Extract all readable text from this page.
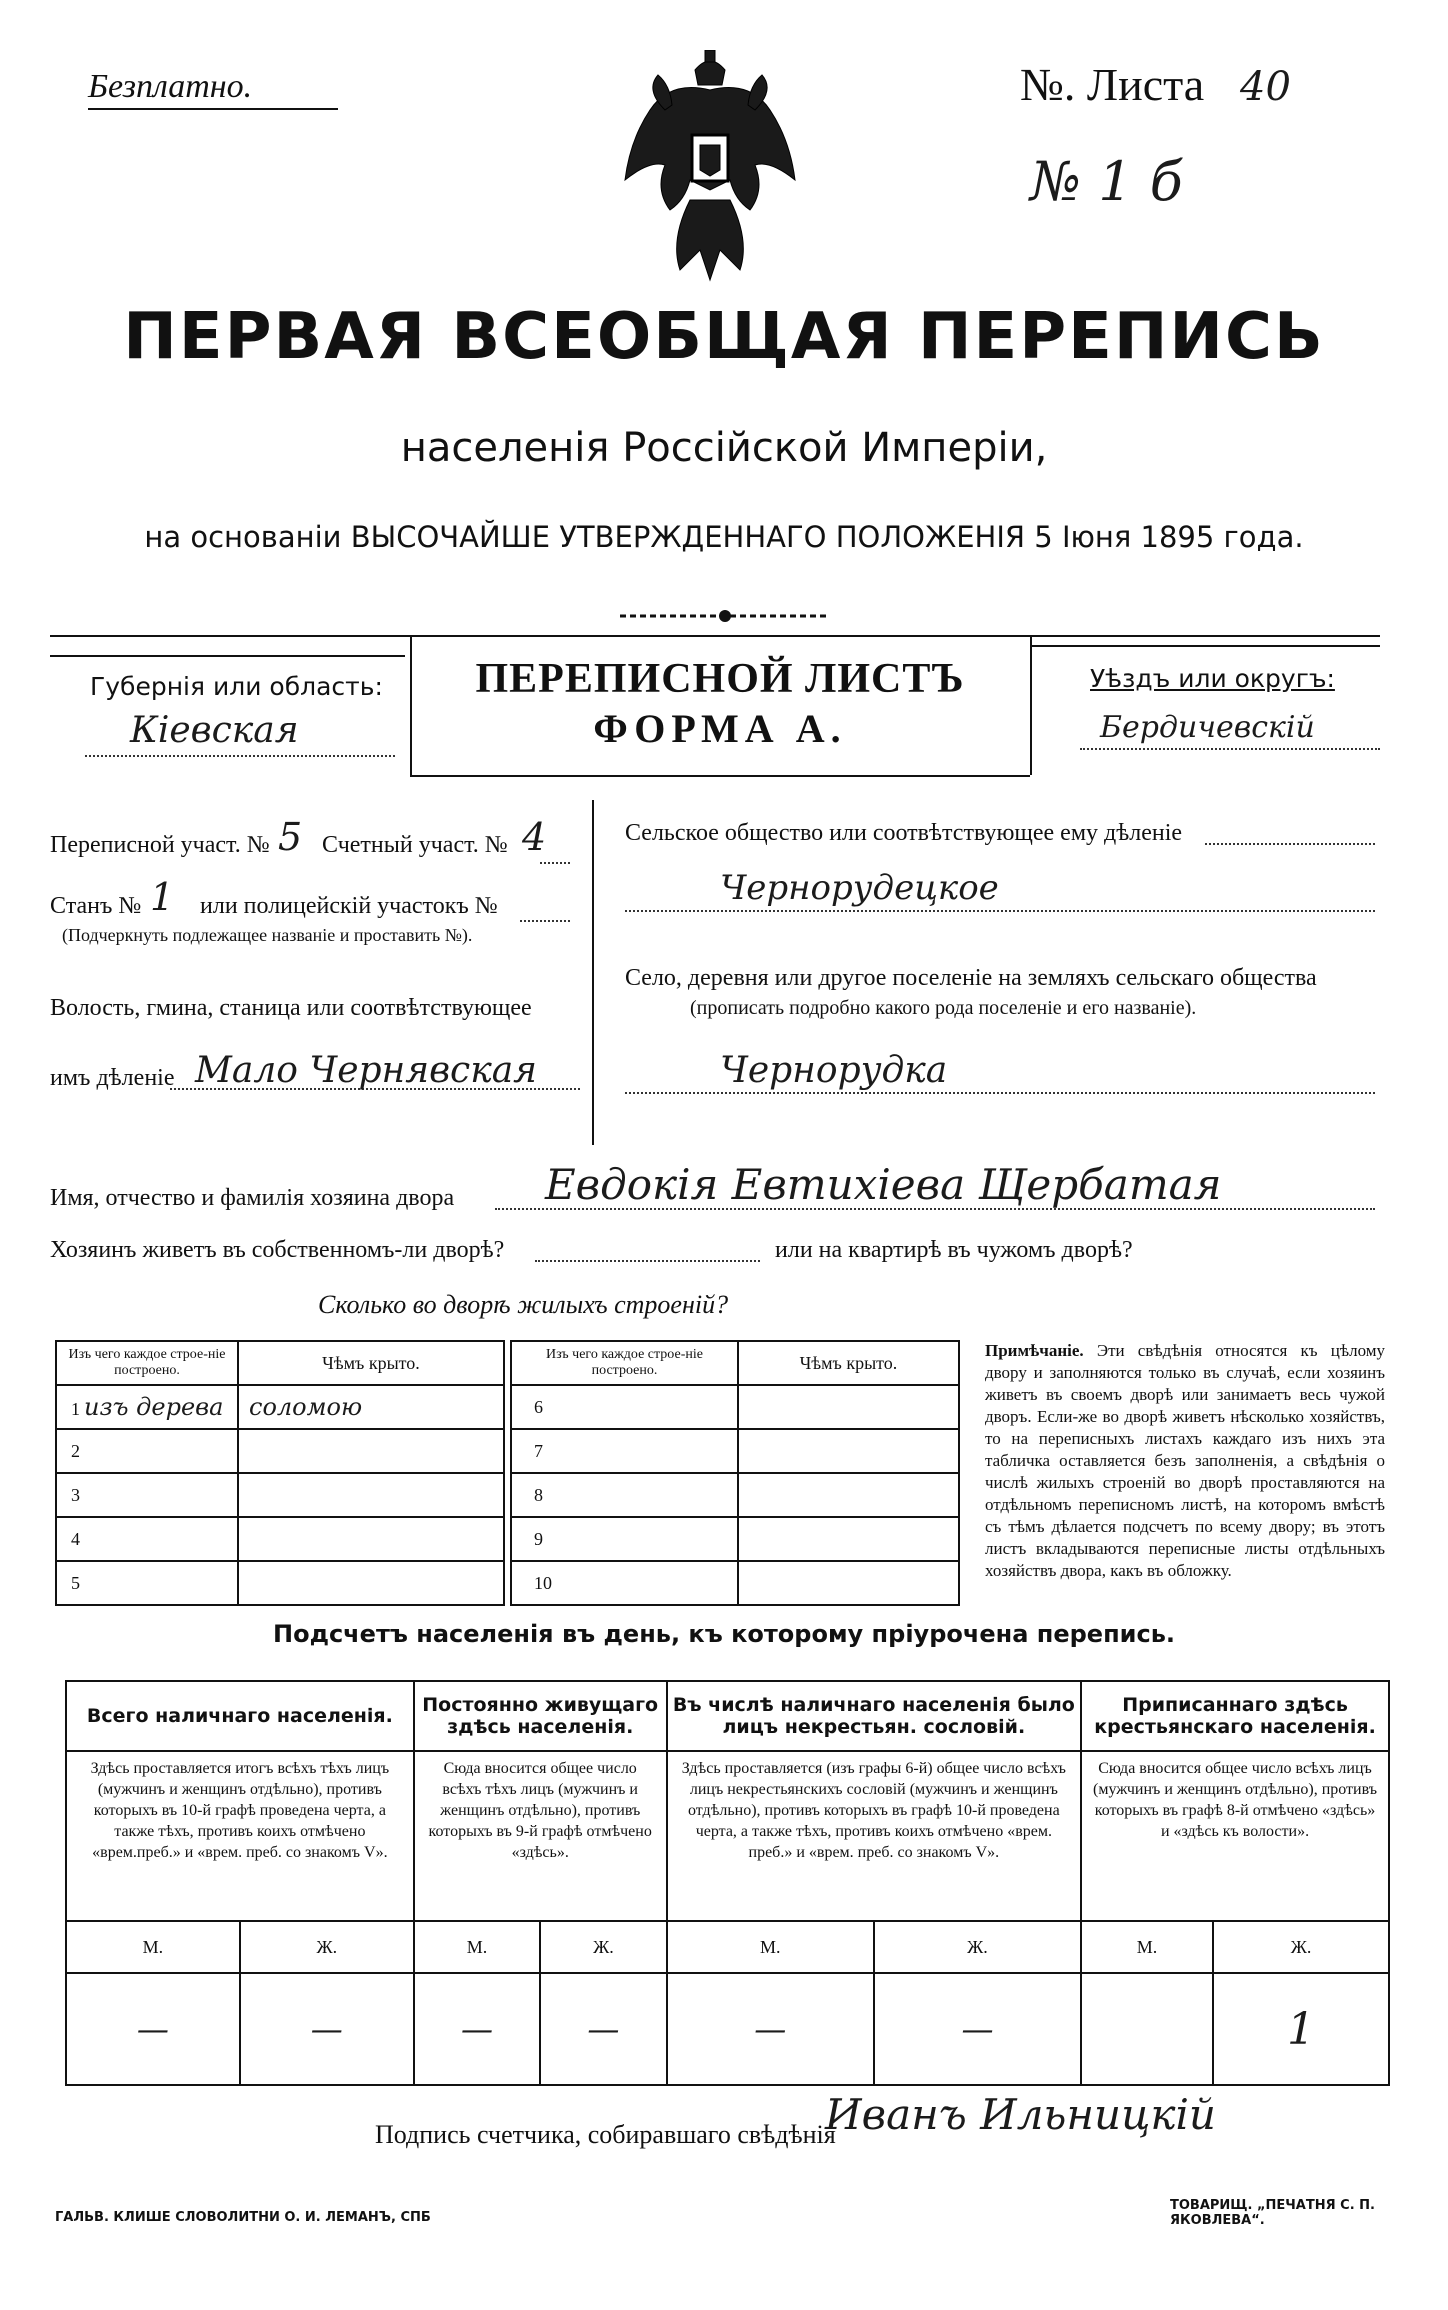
Безплатно.	№. Листа 40
№ 1 б
ПЕРВАЯ ВСЕОБЩАЯ ПЕРЕПИСЬ
населенія Россійской Имперіи,
на основаніи ВЫСОЧАЙШЕ УТВЕРЖДЕННАГО ПОЛОЖЕНІЯ 5 Іюня 1895 года.
Губернія или область:
Кіевская
ПЕРЕПИСНОЙ ЛИСТЪ
ФОРМА А.
Уѣздъ или округъ:
Бердичевскій
Переписной участ. № 5 Счетный участ. № 4
Станъ № 1 или полицейскій участокъ №
(Подчеркнуть подлежащее названіе и проставить №).
Волость, гмина, станица или соотвѣтствующее
имъ дѣленіе Мало Чернявская
Сельское общество или соотвѣтствующее ему дѣленіе
Чернорудецкое
Село, деревня или другое поселеніе на земляхъ сельскаго общества
(прописать подробно какого рода поселеніе и его названіе).
Чернорудка
Имя, отчество и фамилія хозяина двора Евдокія Евтихіева Щербатая
Хозяинъ живетъ въ собственномъ-ли дворѣ?	или на квартирѣ въ чужомъ дворѣ?
Сколько во дворѣ жилыхъ строеній?
Изъ чего каждое строе-ніе построено.	Чѣмъ крыто.
1 изъ дерева	соломою
2	
3	
4	
5	
Изъ чего каждое строе-ніе построено.	Чѣмъ крыто.
6	
7	
8	
9	
10	
Примѣчаніе. Эти свѣдѣнія относятся къ цѣлому двору и заполняются только въ случаѣ, если хозяинъ живетъ въ своемъ дворѣ или занимаетъ весь чужой дворъ. Если-же во дворѣ живетъ нѣсколько хозяйствъ, то на переписныхъ листахъ каждаго изъ нихъ эта табличка оставляется безъ заполненія, а свѣдѣнія о числѣ жилыхъ строеній во дворѣ проставляются на отдѣльномъ переписномъ листѣ, на которомъ вмѣстѣ съ тѣмъ дѣлается подсчетъ по всему двору; въ этотъ листъ вкладываются переписные листы отдѣльныхъ хозяйствъ двора, какъ въ обложку.
Подсчетъ населенія въ день, къ которому пріурочена перепись.
Всего наличнаго населенія.		Постоянно живущаго здѣсь населенія.		Въ числѣ наличнаго населенія было лицъ некрестьян. сословій.		Приписаннаго здѣсь крестьянскаго населенія.	
Здѣсь проставляется итогъ всѣхъ тѣхъ лицъ (мужчинъ и женщинъ отдѣльно), противъ которыхъ въ 10-й графѣ проведена черта, а также тѣхъ, противъ коихъ отмѣчено «врем.преб.» и «врем. преб. со знакомъ V».		Сюда вносится общее число всѣхъ тѣхъ лицъ (мужчинъ и женщинъ отдѣльно), противъ которыхъ въ 9-й графѣ отмѣчено «здѣсь».		Здѣсь проставляется (изъ графы 6-й) общее число всѣхъ лицъ некрестьянскихъ сословій (мужчинъ и женщинъ отдѣльно), противъ которыхъ въ графѣ 10-й проведена черта, а также тѣхъ, противъ коихъ отмѣчено «врем. преб.» и «врем. преб. со знакомъ V».		Сюда вносится общее число всѣхъ лицъ (мужчинъ и женщинъ отдѣльно), противъ которыхъ въ графѣ 8-й отмѣчено «здѣсь» и «здѣсь къ волости».	
М.	Ж.	М.	Ж.	М.	Ж.	М.	Ж.
—	—	—	—	—	—		1
Подпись счетчика, собиравшаго свѣдѣнія
Иванъ Ильницкій
ГАЛЬВ. КЛИШЕ СЛОВОЛИТНИ О. И. ЛЕМАНЪ, СПБ
ТОВАРИЩ. „ПЕЧАТНЯ С. П. ЯКОВЛЕВА“.
